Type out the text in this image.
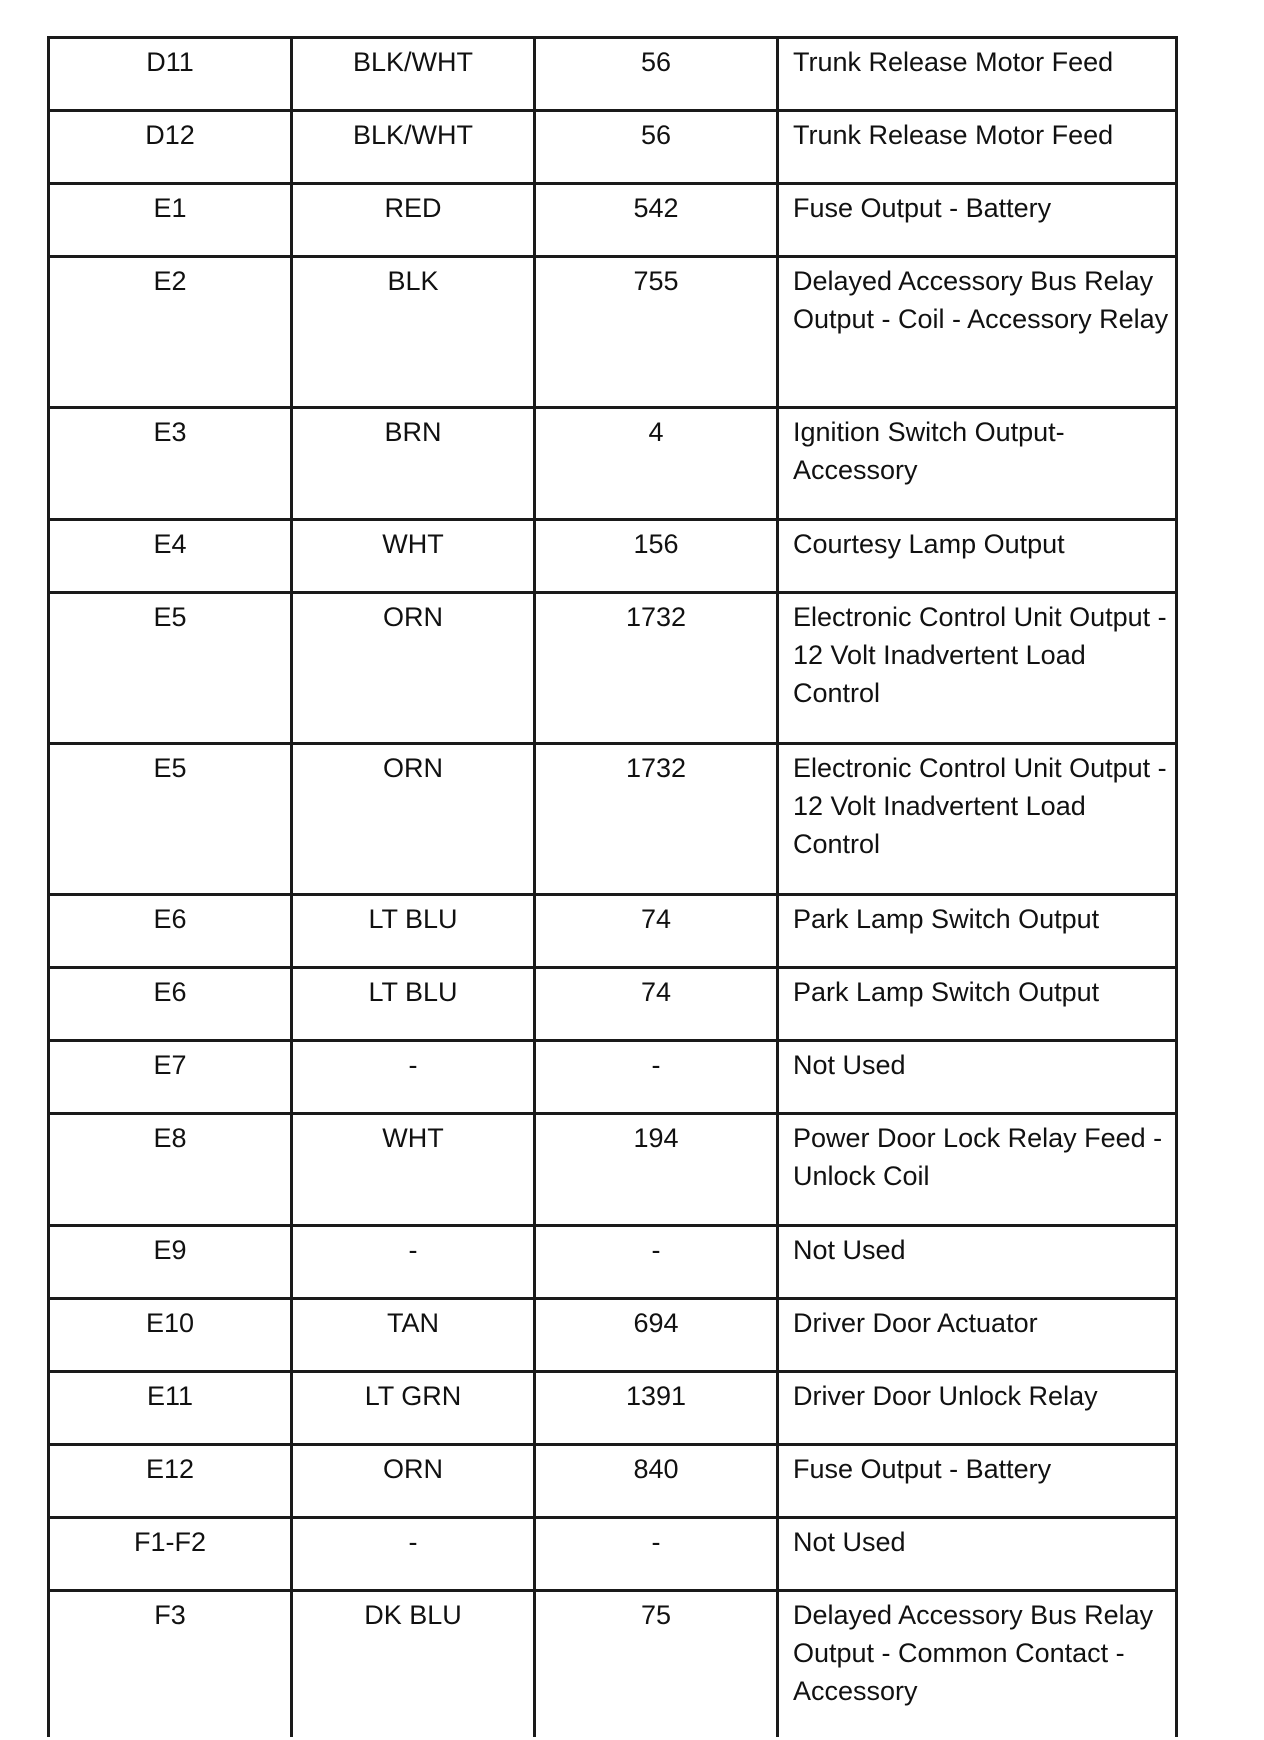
D11	BLK/WHT	56	Trunk Release Motor Feed
D12	BLK/WHT	56	Trunk Release Motor Feed
E1	RED	542	Fuse Output - Battery
E2	BLK	755	Delayed Accessory Bus Relay Output - Coil - Accessory Relay
E3	BRN	4	Ignition Switch Output- Accessory
E4	WHT	156	Courtesy Lamp Output
E5	ORN	1732	Electronic Control Unit Output - 12 Volt Inadvertent Load Control
E5	ORN	1732	Electronic Control Unit Output - 12 Volt Inadvertent Load Control
E6	LT BLU	74	Park Lamp Switch Output
E6	LT BLU	74	Park Lamp Switch Output
E7	-	-	Not Used
E8	WHT	194	Power Door Lock Relay Feed - Unlock Coil
E9	-	-	Not Used
E10	TAN	694	Driver Door Actuator
E11	LT GRN	1391	Driver Door Unlock Relay
E12	ORN	840	Fuse Output - Battery
F1-F2	-	-	Not Used
F3	DK BLU	75	Delayed Accessory Bus Relay Output - Common Contact - Accessory
